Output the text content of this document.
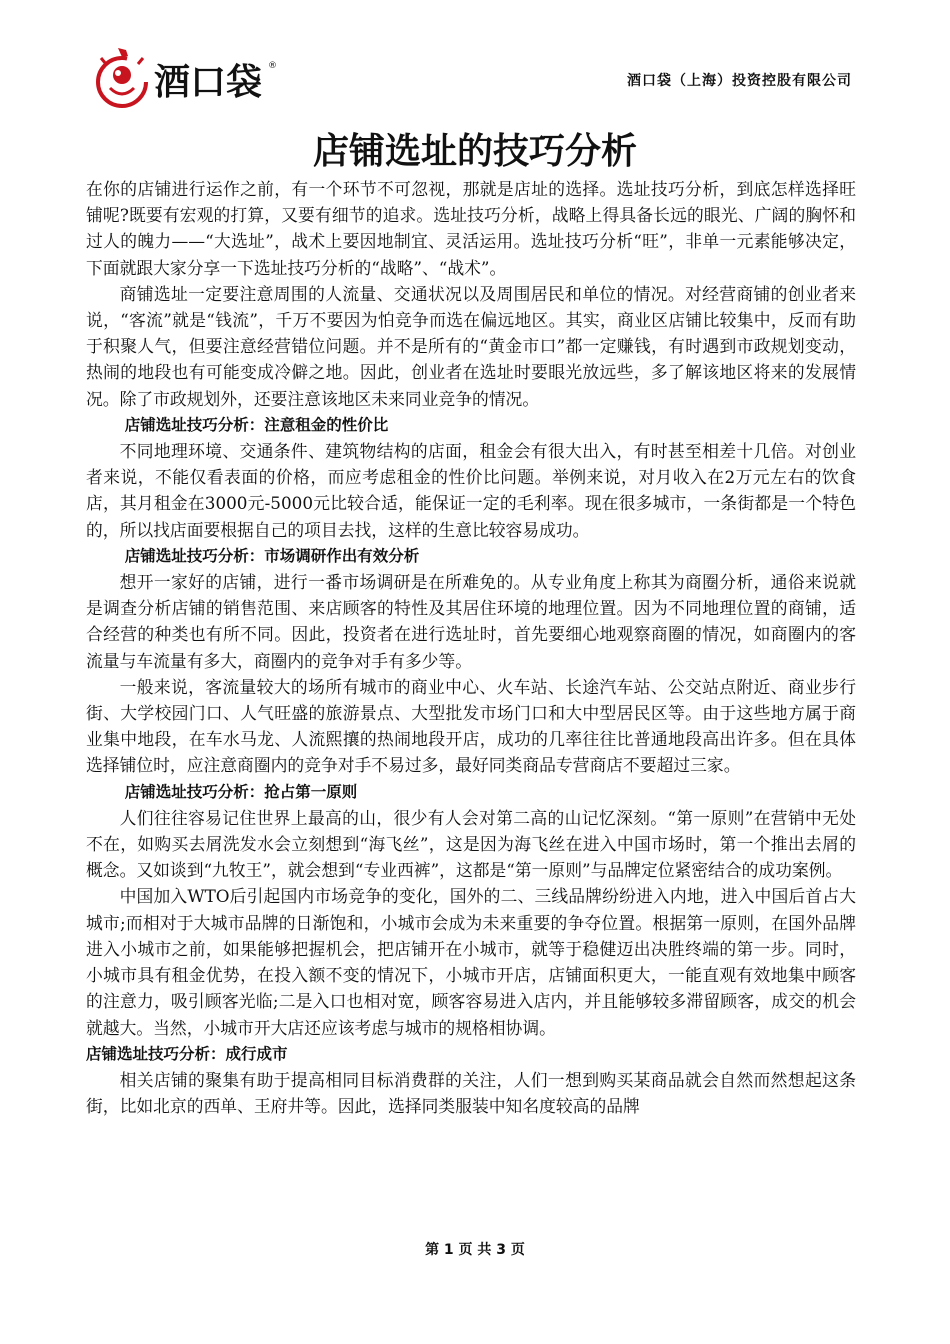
酒口袋 ®
酒口袋（上海）投资控股有限公司
店铺选址的技巧分析

在你的店铺进行运作之前，有一个环节不可忽视，那就是店址的选择。选址技巧分析，到底怎样选择旺铺呢?既要有宏观的打算，又要有细节的追求。选址技巧分析，战略上得具备长远的眼光、广阔的胸怀和过人的魄力——“大选址”，战术上要因地制宜、灵活运用。选址技巧分析“旺”，非单一元素能够决定，下面就跟大家分享一下选址技巧分析的“战略”、“战术”。

商铺选址一定要注意周围的人流量、交通状况以及周围居民和单位的情况。对经营商铺的创业者来说，“客流”就是“钱流”，千万不要因为怕竞争而选在偏远地区。其实，商业区店铺比较集中，反而有助于积聚人气，但要注意经营错位问题。并不是所有的“黄金市口”都一定赚钱，有时遇到市政规划变动，热闹的地段也有可能变成冷僻之地。因此，创业者在选址时要眼光放远些，多了解该地区将来的发展情况。除了市政规划外，还要注意该地区未来同业竞争的情况。

店铺选址技巧分析：注意租金的性价比

不同地理环境、交通条件、建筑物结构的店面，租金会有很大出入，有时甚至相差十几倍。对创业者来说，不能仅看表面的价格，而应考虑租金的性价比问题。举例来说，对月收入在2万元左右的饮食店，其月租金在3000元-5000元比较合适，能保证一定的毛利率。现在很多城市，一条街都是一个特色的，所以找店面要根据自己的项目去找，这样的生意比较容易成功。

店铺选址技巧分析：市场调研作出有效分析

想开一家好的店铺，进行一番市场调研是在所难免的。从专业角度上称其为商圈分析，通俗来说就是调查分析店铺的销售范围、来店顾客的特性及其居住环境的地理位置。因为不同地理位置的商铺，适合经营的种类也有所不同。因此，投资者在进行选址时，首先要细心地观察商圈的情况，如商圈内的客流量与车流量有多大，商圈内的竞争对手有多少等。

一般来说，客流量较大的场所有城市的商业中心、火车站、长途汽车站、公交站点附近、商业步行街、大学校园门口、人气旺盛的旅游景点、大型批发市场门口和大中型居民区等。由于这些地方属于商业集中地段，在车水马龙、人流熙攘的热闹地段开店，成功的几率往往比普通地段高出许多。但在具体选择铺位时，应注意商圈内的竞争对手不易过多，最好同类商品专营商店不要超过三家。

店铺选址技巧分析：抢占第一原则

人们往往容易记住世界上最高的山，很少有人会对第二高的山记忆深刻。“第一原则”在营销中无处不在，如购买去屑洗发水会立刻想到“海飞丝”，这是因为海飞丝在进入中国市场时，第一个推出去屑的概念。又如谈到“九牧王”，就会想到“专业西裤”，这都是“第一原则”与品牌定位紧密结合的成功案例。

中国加入WTO后引起国内市场竞争的变化，国外的二、三线品牌纷纷进入内地，进入中国后首占大城市;而相对于大城市品牌的日渐饱和，小城市会成为未来重要的争夺位置。根据第一原则，在国外品牌进入小城市之前，如果能够把握机会，把店铺开在小城市，就等于稳健迈出决胜终端的第一步。同时，小城市具有租金优势，在投入额不变的情况下，小城市开店，店铺面积更大，一能直观有效地集中顾客的注意力，吸引顾客光临;二是入口也相对宽，顾客容易进入店内，并且能够较多滞留顾客，成交的机会就越大。当然，小城市开大店还应该考虑与城市的规格相协调。

店铺选址技巧分析：成行成市

相关店铺的聚集有助于提高相同目标消费群的关注，人们一想到购买某商品就会自然而然想起这条街，比如北京的西单、王府井等。因此，选择同类服装中知名度较高的品牌

第 1 页 共 3 页
